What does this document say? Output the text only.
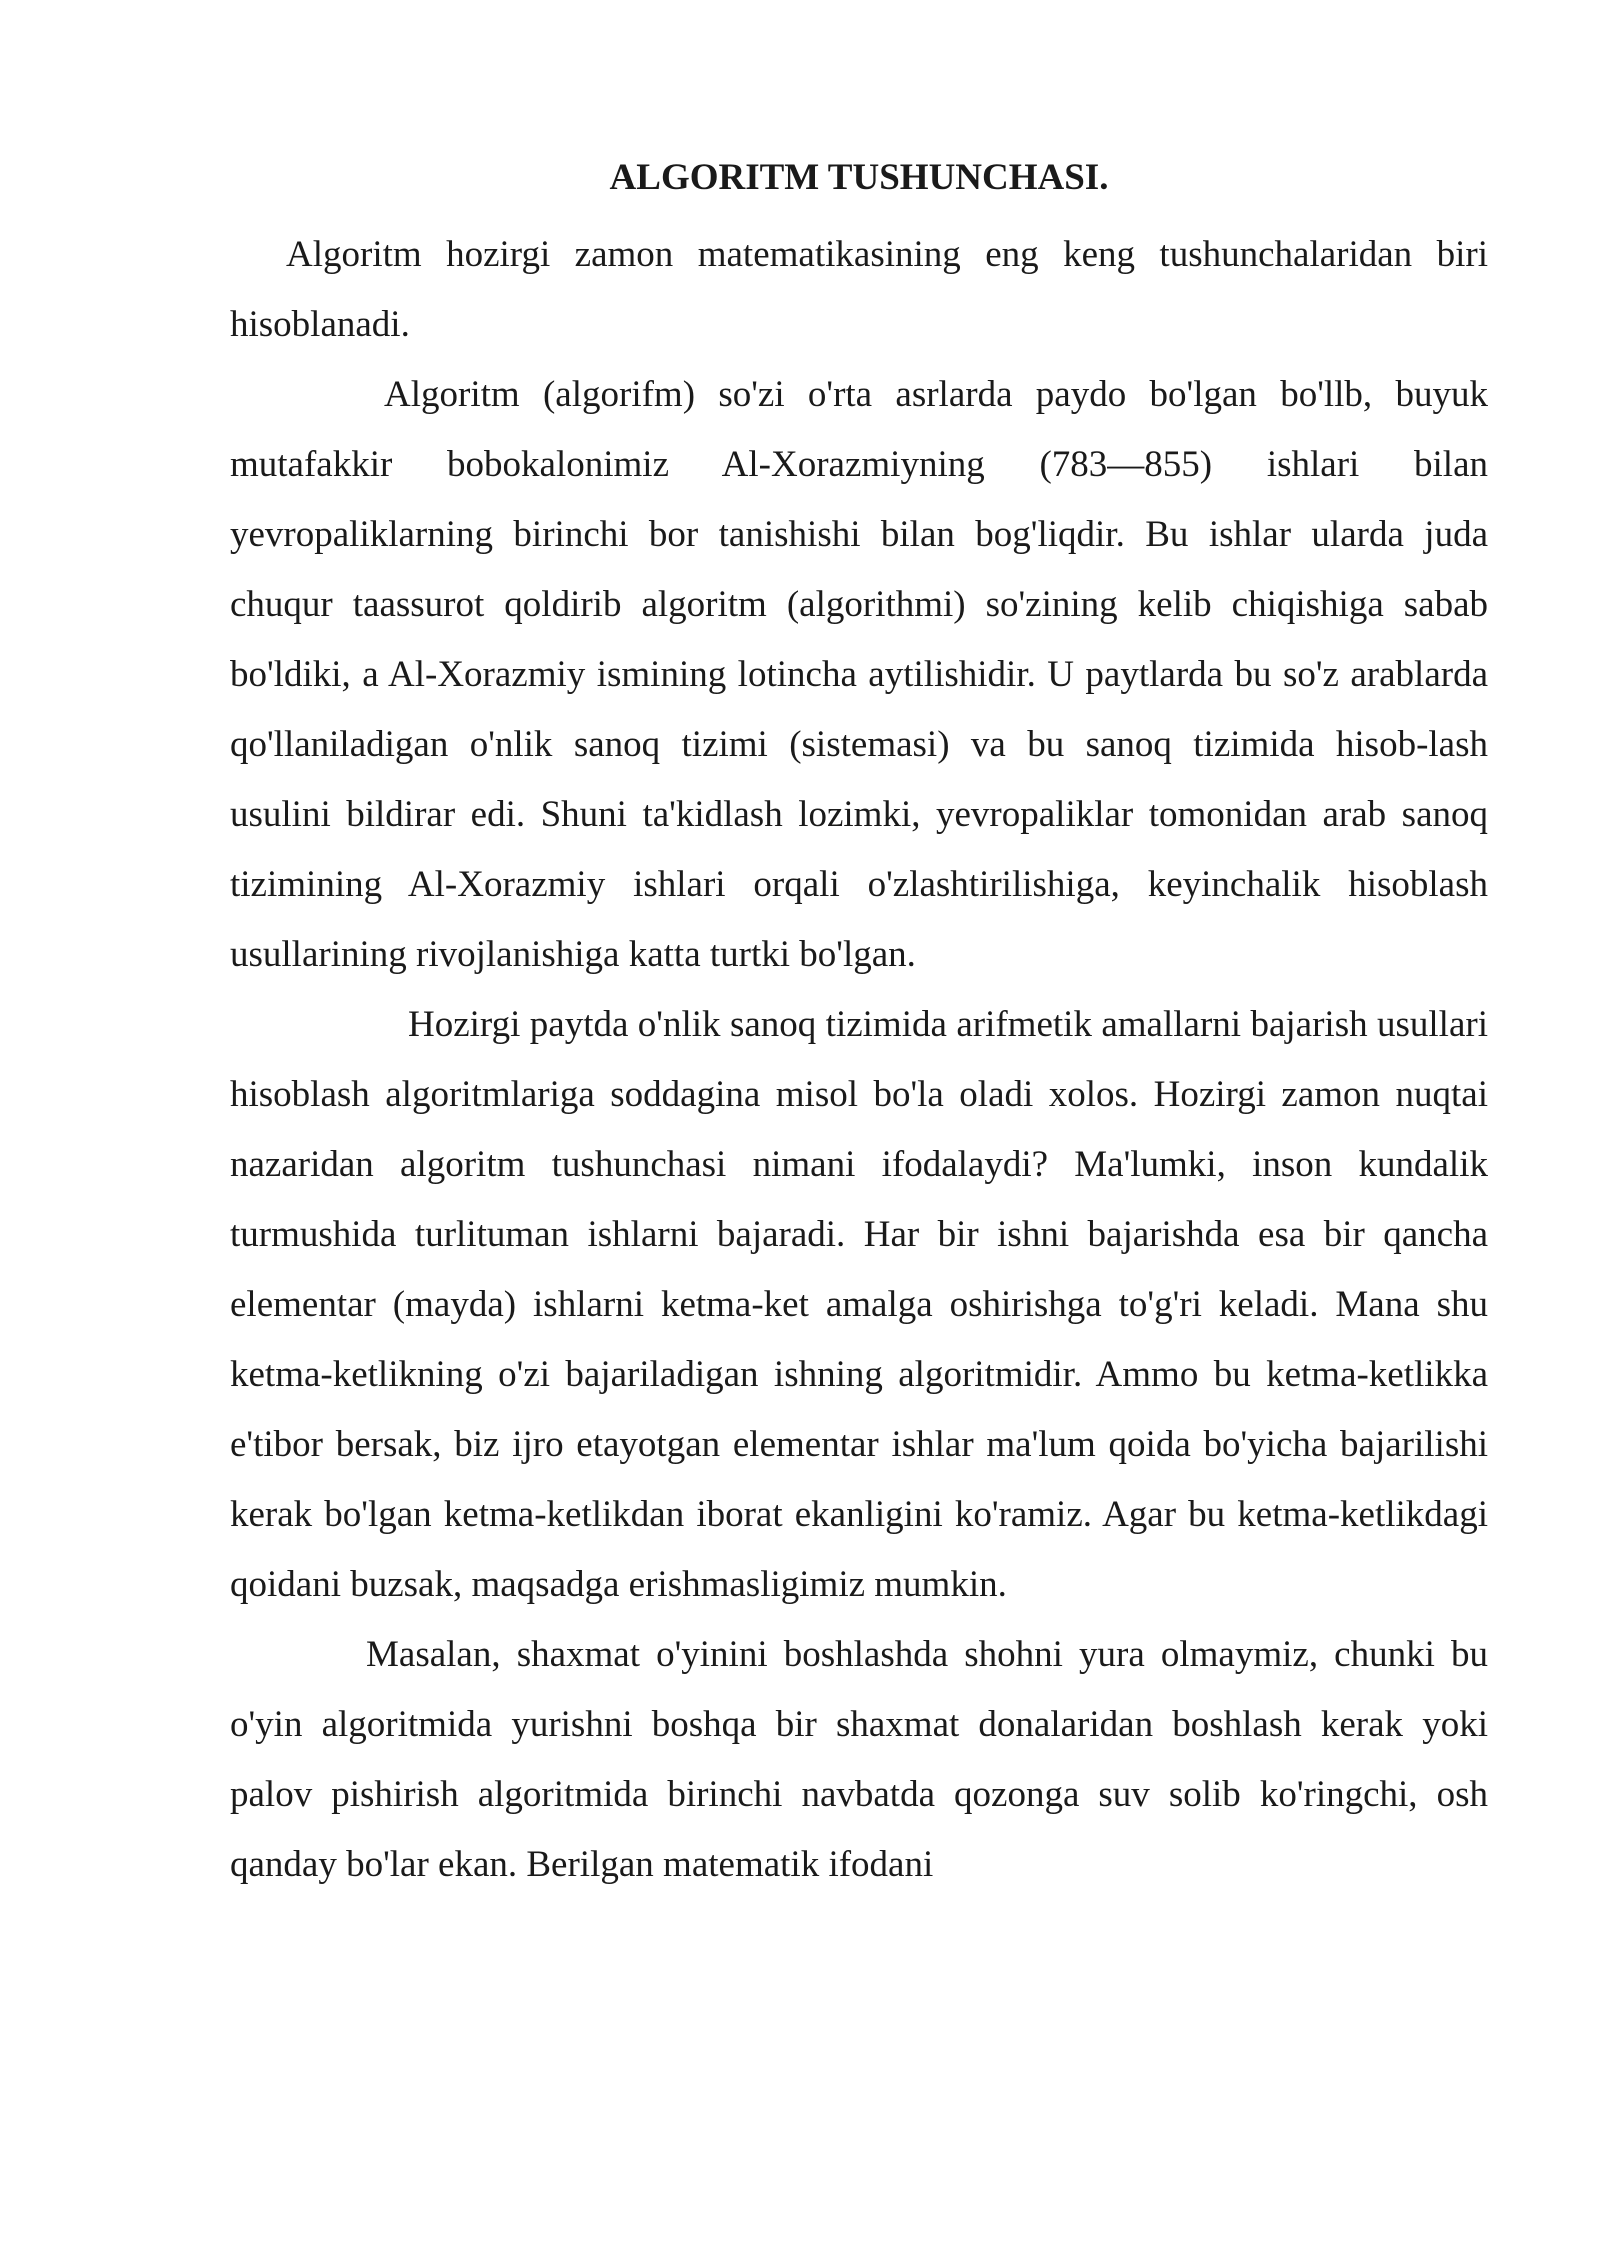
ALGORITM TUSHUNCHASI.

Algoritm hozirgi zamon matematikasining eng keng tushunchalaridan biri hisoblanadi.

Algoritm (algorifm) so'zi o'rta asrlarda paydo bo'lgan bo'llb, buyuk mutafakkir bobokalonimiz Al-Xorazmiyning (783—855) ishlari bilan yevropaliklarning birinchi bor tanishishi bilan bog'liqdir. Bu ishlar ularda juda chuqur taassurot qoldirib algoritm (algorithmi) so'zining kelib chiqishiga sabab bo'ldiki, a Al-Xorazmiy ismining lotincha aytilishidir. U paytlarda bu so'z arablarda qo'llaniladigan o'nlik sanoq tizimi (sistemasi) va bu sanoq tizimida hisob-lash usulini bildirar edi. Shuni ta'kidlash lozimki, yevropaliklar tomonidan arab sanoq tizimining Al-Xorazmiy ishlari orqali o'zlashtirilishiga, keyinchalik hisoblash usullarining rivojlanishiga katta turtki bo'lgan.

Hozirgi paytda o'nlik sanoq tizimida arifmetik amallarni bajarish usullari hisoblash algoritmlariga soddagina misol bo'la oladi xolos. Hozirgi zamon nuqtai nazaridan algoritm tushunchasi nimani ifodalaydi? Ma'lumki, inson kundalik turmushida turlituman ishlarni bajaradi. Har bir ishni bajarishda esa bir qancha elementar (mayda) ishlarni ketma-ket amalga oshirishga to'g'ri keladi. Mana shu ketma-ketlikning o'zi bajariladigan ishning algoritmidir. Ammo bu ketma-ketlikka e'tibor bersak, biz ijro etayotgan elementar ishlar ma'lum qoida bo'yicha bajarilishi kerak bo'lgan ketma-ketlikdan iborat ekanligini ko'ramiz. Agar bu ketma-ketlikdagi qoidani buzsak, maqsadga erishmasligimiz mumkin.

Masalan, shaxmat o'yinini boshlashda shohni yura olmaymiz, chunki bu o'yin algoritmida yurishni boshqa bir shaxmat donalaridan boshlash kerak yoki palov pishirish algoritmida birinchi navbatda qozonga suv solib ko'ringchi, osh qanday bo'lar ekan. Berilgan matematik ifodani
